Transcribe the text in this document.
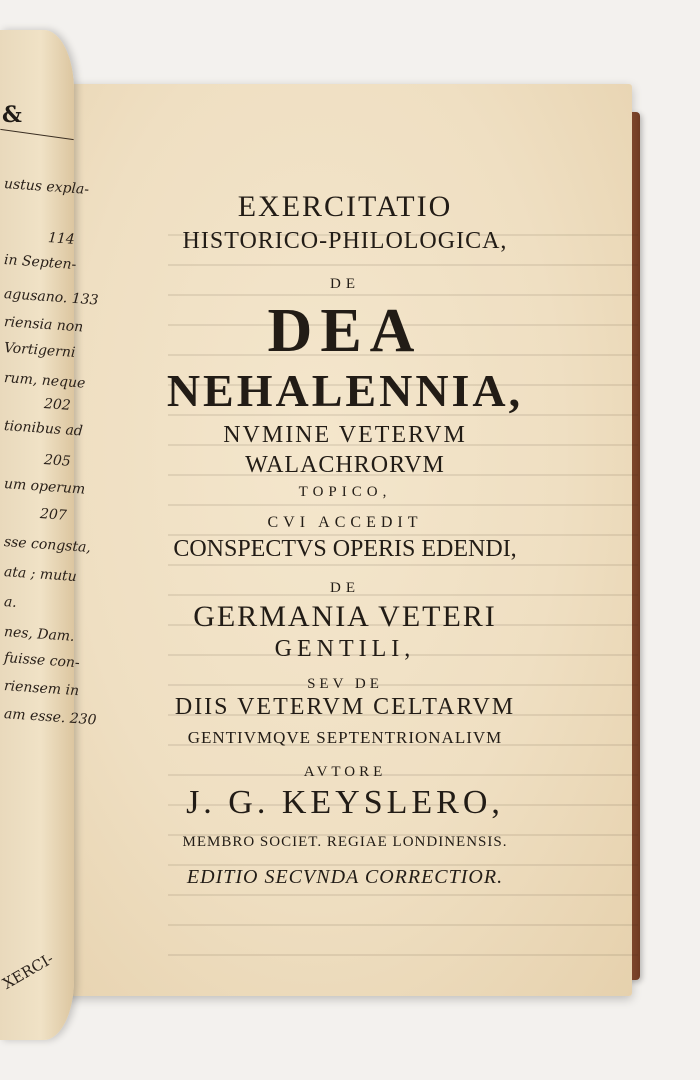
&
ustus expla-
114
in Septen-
agusano. 133
riensia non
Vortigerni
rum, neque
202
tionibus ad
205
um operum
207
sse congsta,
ata ; mutu
a.
nes, Dam.
fuisse con-
riensem in
am esse. 230
XERCI-

EXERCITATIO

HISTORICO-PHILOLOGICA,

DE

DEA

NEHALENNIA,

NVMINE VETERVM

WALACHRORVM

TOPICO,

CVI ACCEDIT

CONSPECTVS OPERIS EDENDI,

DE

GERMANIA VETERI

GENTILI,

SEV DE

DIIS VETERVM CELTARVM

GENTIVMQVE SEPTENTRIONALIVM

AVTORE

J. G. KEYSLERO,

MEMBRO SOCIET. REGIAE LONDINENSIS.

EDITIO SECVNDA CORRECTIOR.
